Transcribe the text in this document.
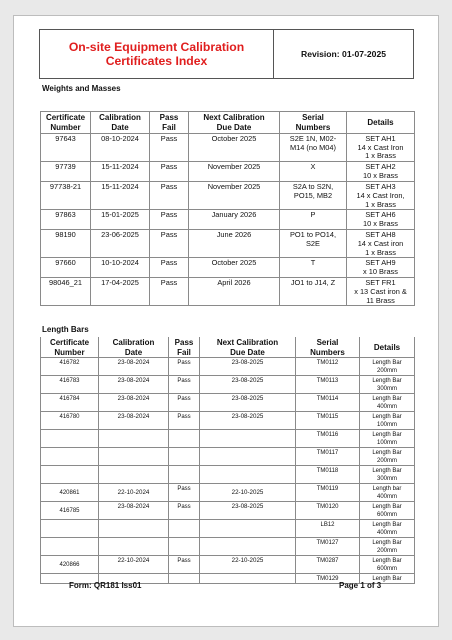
On-site Equipment Calibration
Certificates Index	Revision: 01-07-2025
Weights and Masses
Certificate
Number	Calibration
Date	Pass
Fail	Next Calibration
Due Date	Serial
Numbers	Details
97643	08-10-2024	Pass	October 2025	S2E 1N, M02-
M14 (no M04)	SET AH1
14 x Cast Iron
1 x Brass
97739	15-11-2024	Pass	November 2025	X	SET AH2
10 x Brass
97738-21	15-11-2024	Pass	November 2025	S2A to S2N,
PO15, MB2	SET AH3
14 x Cast Iron,
1 x Brass
97863	15-01-2025	Pass	January 2026	P	SET AH6
10 x Brass
98190	23-06-2025	Pass	June 2026	PO1 to PO14,
S2E	SET AH8
14 x Cast iron
1 x Brass
97660	10-10-2024	Pass	October 2025	T	SET AH9
x 10 Brass
98046_21	17-04-2025	Pass	April 2026	JO1 to J14, Z	SET FR1
x 13 Cast iron &
11 Brass
Length Bars
Certificate
Number	Calibration
Date	Pass
Fail	Next Calibration
Due Date	Serial
Numbers	Details
416782	23-08-2024	Pass	23-08-2025	TM0112	Length Bar
200mm
416783	23-08-2024	Pass	23-08-2025	TM0113	Length Bar
300mm
416784	23-08-2024	Pass	23-08-2025	TM0114	Length Bar
400mm
416780	23-08-2024	Pass	23-08-2025	TM0115	Length Bar
100mm
				TM0116	Length Bar
100mm
				TM0117	Length Bar
200mm
				TM0118	Length Bar
300mm
420861	22-10-2024	Pass	22-10-2025	TM0119	Length bar
400mm
416785	23-08-2024	Pass	23-08-2025	TM0120	Length Bar
600mm
				LB12	Length Bar
400mm
				TM0127	Length Bar
200mm
420866	22-10-2024	Pass	22-10-2025	TM0287	Length Bar
600mm
				TM0129	Length Bar
Form: QR181 Iss01	Page 1 of 3
